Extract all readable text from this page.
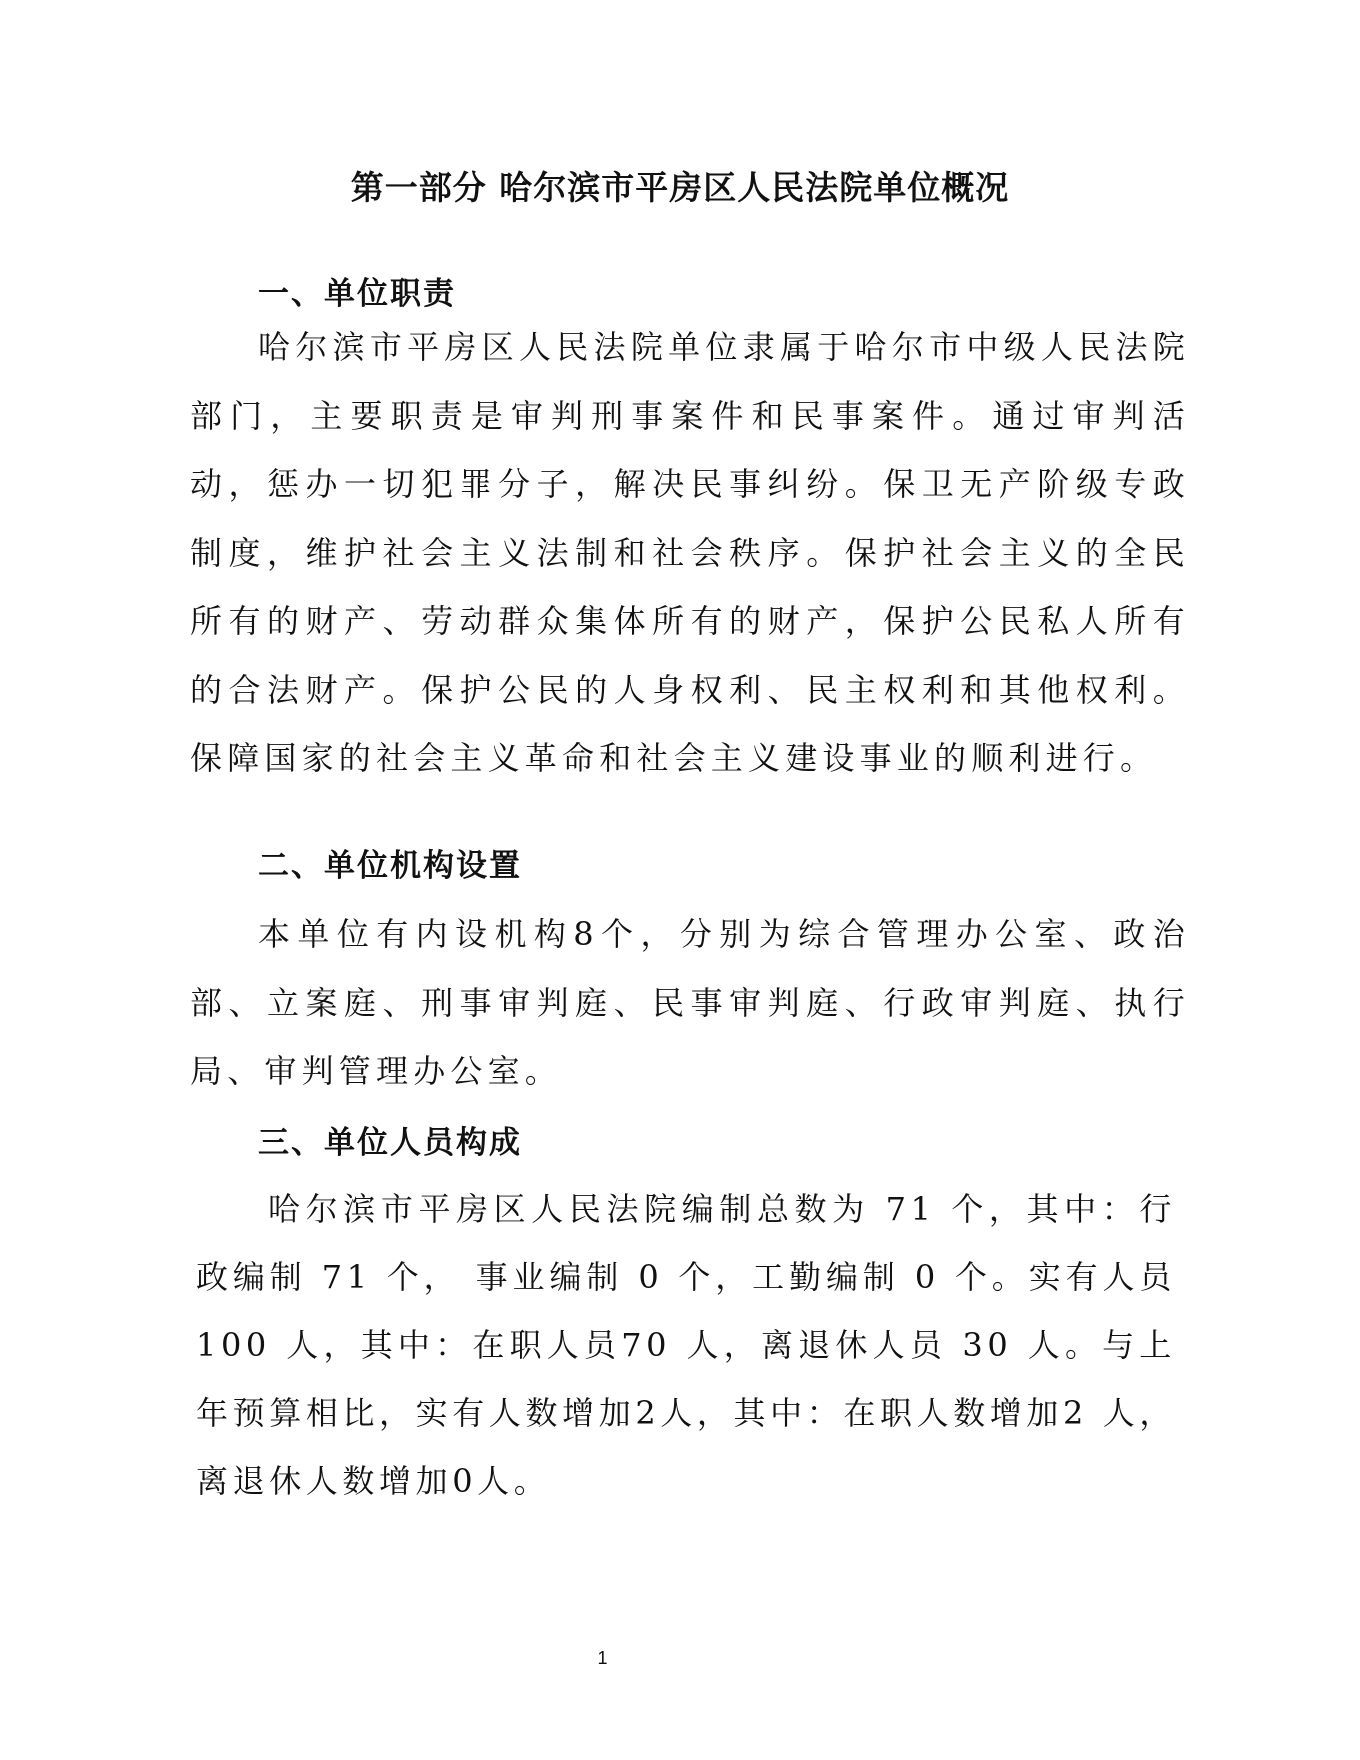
第一部分 哈尔滨市平房区人民法院单位概况
一、单位职责

哈尔滨市平房区人民法院单位隶属于哈尔市中级人民法院部门，主要职责是审判刑事案件和民事案件。通过审判活动，惩办一切犯罪分子，解决民事纠纷。保卫无产阶级专政制度，维护社会主义法制和社会秩序。保护社会主义的全民所有的财产、劳动群众集体所有的财产，保护公民私人所有的合法财产。保护公民的人身权利、民主权利和其他权利。保障国家的社会主义革命和社会主义建设事业的顺利进行。

二、单位机构设置

本单位有内设机构8个，分别为综合管理办公室、政治部、立案庭、刑事审判庭、民事审判庭、行政审判庭、执行局、审判管理办公室。

三、单位人员构成

哈尔滨市平房区人民法院编制总数为 71 个，其中：行政编制 71 个， 事业编制 0 个，工勤编制 0 个。实有人员 100 人，其中：在职人员70 人，离退休人员 30 人。与上年预算相比，实有人数增加2人，其中：在职人数增加2 人，离退休人数增加0人。

1
